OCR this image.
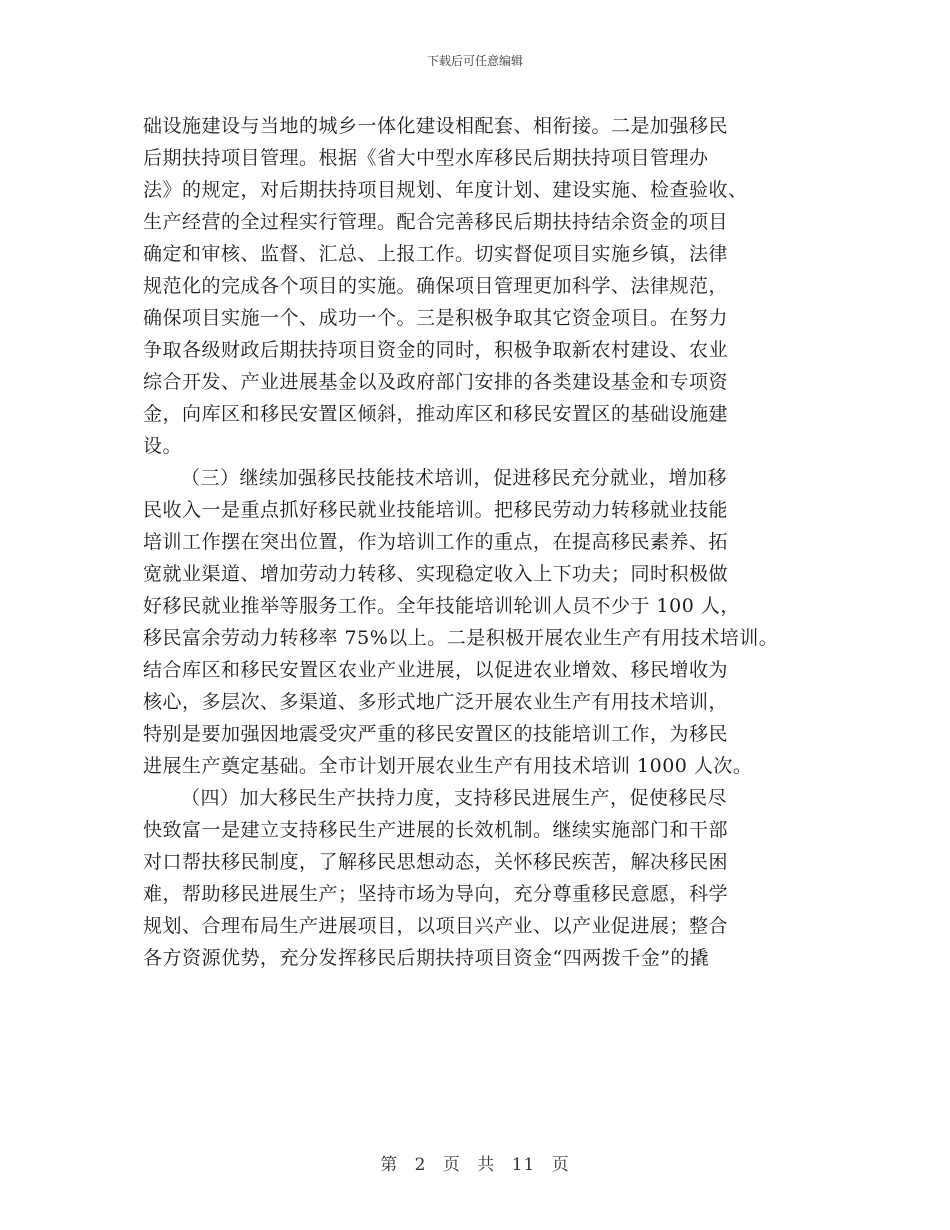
下载后可任意编辑
础设施建设与当地的城乡一体化建设相配套、相衔接。二是加强移民
后期扶持项目管理。根据《省大中型水库移民后期扶持项目管理办
法》的规定，对后期扶持项目规划、年度计划、建设实施、检查验收、
生产经营的全过程实行管理。配合完善移民后期扶持结余资金的项目
确定和审核、监督、汇总、上报工作。切实督促项目实施乡镇，法律
规范化的完成各个项目的实施。确保项目管理更加科学、法律规范，
确保项目实施一个、成功一个。三是积极争取其它资金项目。在努力
争取各级财政后期扶持项目资金的同时，积极争取新农村建设、农业
综合开发、产业进展基金以及政府部门安排的各类建设基金和专项资
金，向库区和移民安置区倾斜，推动库区和移民安置区的基础设施建
设。
（三）继续加强移民技能技术培训，促进移民充分就业，增加移
民收入一是重点抓好移民就业技能培训。把移民劳动力转移就业技能
培训工作摆在突出位置，作为培训工作的重点，在提高移民素养、拓
宽就业渠道、增加劳动力转移、实现稳定收入上下功夫；同时积极做
好移民就业推举等服务工作。全年技能培训轮训人员不少于 100 人，
移民富余劳动力转移率 75%以上。二是积极开展农业生产有用技术培训。
结合库区和移民安置区农业产业进展，以促进农业增效、移民增收为
核心，多层次、多渠道、多形式地广泛开展农业生产有用技术培训，
特别是要加强因地震受灾严重的移民安置区的技能培训工作，为移民
进展生产奠定基础。全市计划开展农业生产有用技术培训 1000 人次。
（四）加大移民生产扶持力度，支持移民进展生产，促使移民尽
快致富一是建立支持移民生产进展的长效机制。继续实施部门和干部
对口帮扶移民制度，了解移民思想动态，关怀移民疾苦，解决移民困
难，帮助移民进展生产；坚持市场为导向，充分尊重移民意愿，科学
规划、合理布局生产进展项目，以项目兴产业、以产业促进展；整合
各方资源优势，充分发挥移民后期扶持项目资金“四两拨千金”的撬
第 2 页 共 11 页
